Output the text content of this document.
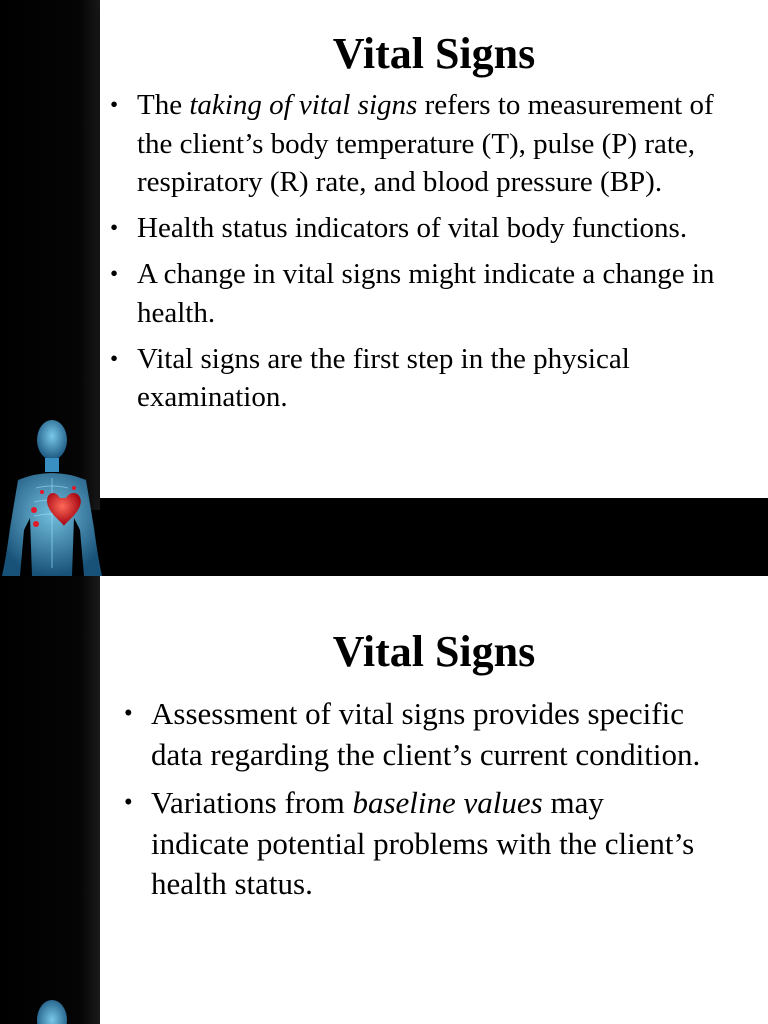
Vital Signs
• The taking of vital signs refers to measurement of the client’s body temperature (T), pulse (P) rate, respiratory (R) rate, and blood pressure (BP).
• Health status indicators of vital body functions.
• A change in vital signs might indicate a change in health.
• Vital signs are the first step in the physical examination.
Vital Signs
• Assessment of vital signs provides specific data regarding the client’s current condition.
• Variations from baseline values may indicate potential problems with the client’s health status.
